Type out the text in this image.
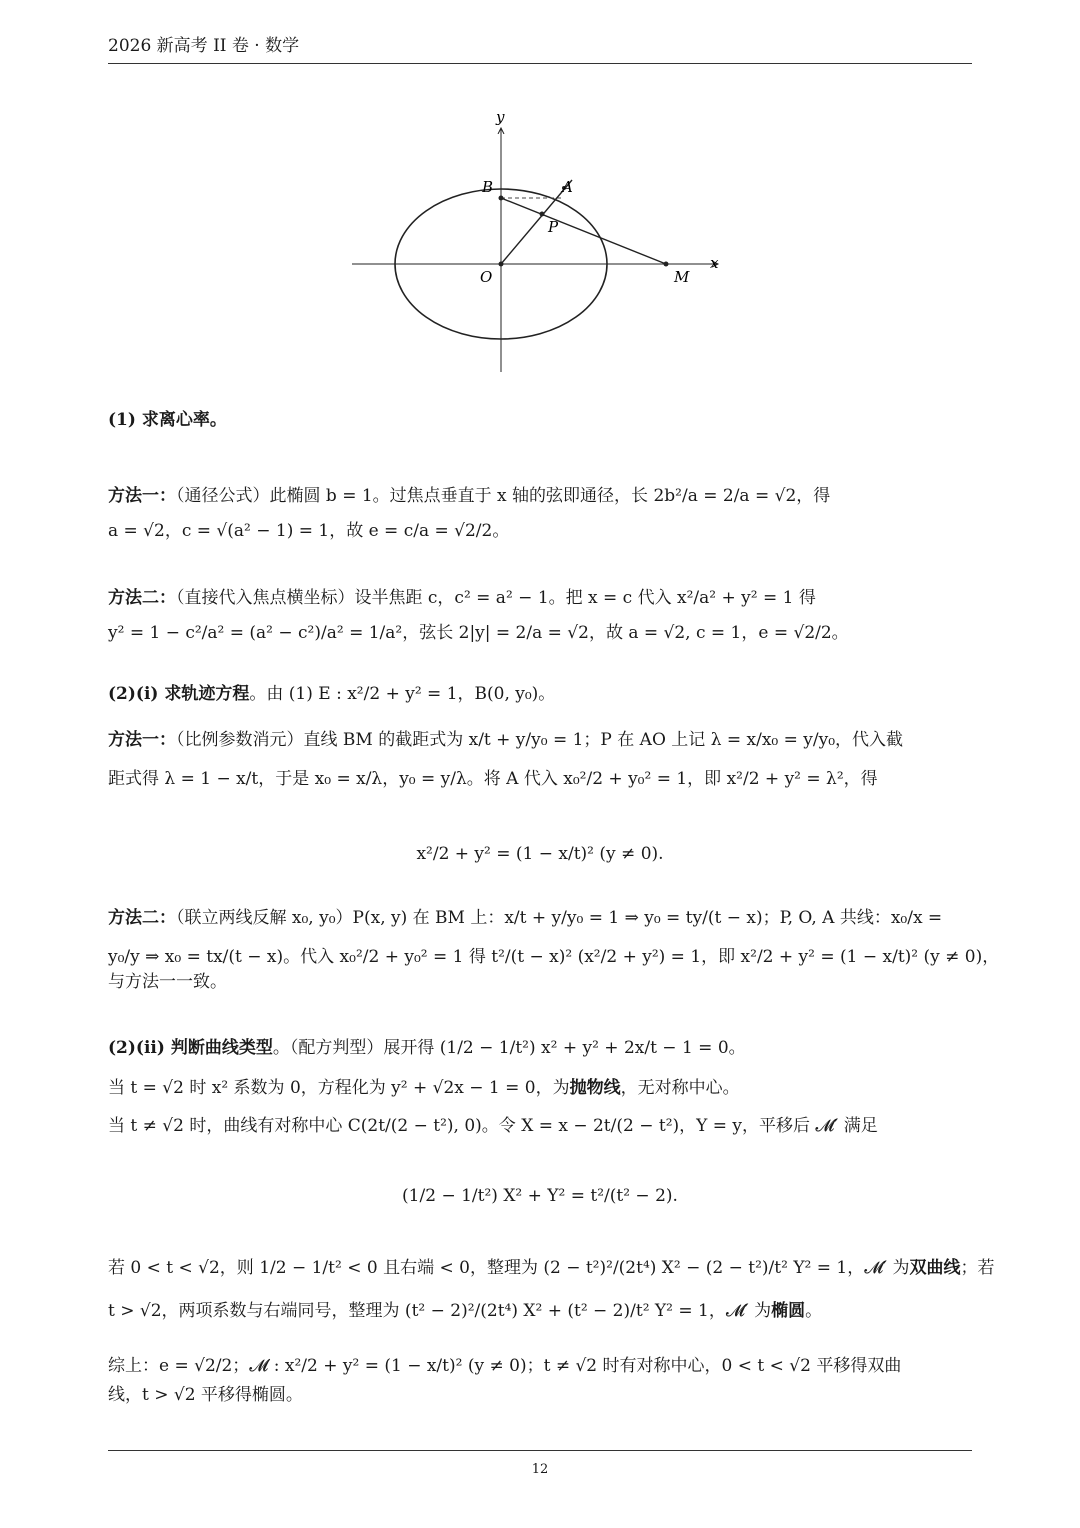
2026 新高考 II 卷 · 数学
y
x
B	A
P
O	M
(1) 求离心率。
方法一：（通径公式）此椭圆 b = 1。过焦点垂直于 x 轴的弦即通径，长 2b²/a = 2/a = √2，得
a = √2，c = √(a² − 1) = 1，故 e = c/a = √2/2。
方法二：（直接代入焦点横坐标）设半焦距 c，c² = a² − 1。把 x = c 代入 x²/a² + y² = 1 得
y² = 1 − c²/a² = (a² − c²)/a² = 1/a²，弦长 2|y| = 2/a = √2，故 a = √2, c = 1，e = √2/2。
(2)(i) 求轨迹方程。由 (1) E : x²/2 + y² = 1，B(0, y₀)。
方法一：（比例参数消元）直线 BM 的截距式为 x/t + y/y₀ = 1；P 在 AO 上记 λ = x/x₀ = y/y₀，代入截
距式得 λ = 1 − x/t，于是 x₀ = x/λ，y₀ = y/λ。将 A 代入 x₀²/2 + y₀² = 1，即 x²/2 + y² = λ²，得
x²/2 + y² = (1 − x/t)² (y ≠ 0).
方法二：（联立两线反解 x₀, y₀）P(x, y) 在 BM 上：x/t + y/y₀ = 1 ⇒ y₀ = ty/(t − x)；P, O, A 共线：x₀/x =
y₀/y ⇒ x₀ = tx/(t − x)。代入 x₀²/2 + y₀² = 1 得 t²/(t − x)² (x²/2 + y²) = 1，即 x²/2 + y² = (1 − x/t)² (y ≠ 0)，
与方法一一致。
(2)(ii) 判断曲线类型。（配方判型）展开得 (1/2 − 1/t²) x² + y² + 2x/t − 1 = 0。
当 t = √2 时 x² 系数为 0，方程化为 y² + √2x − 1 = 0，为抛物线，无对称中心。
当 t ≠ √2 时，曲线有对称中心 C(2t/(2 − t²), 0)。令 X = x − 2t/(2 − t²)，Y = y，平移后 𝓜′ 满足
(1/2 − 1/t²) X² + Y² = t²/(t² − 2).
若 0 < t < √2，则 1/2 − 1/t² < 0 且右端 < 0，整理为 (2 − t²)²/(2t⁴) X² − (2 − t²)/t² Y² = 1，𝓜′ 为双曲线；若
t > √2，两项系数与右端同号，整理为 (t² − 2)²/(2t⁴) X² + (t² − 2)/t² Y² = 1，𝓜′ 为椭圆。
综上：e = √2/2；𝓜 : x²/2 + y² = (1 − x/t)² (y ≠ 0)；t ≠ √2 时有对称中心，0 < t < √2 平移得双曲
线，t > √2 平移得椭圆。
12
